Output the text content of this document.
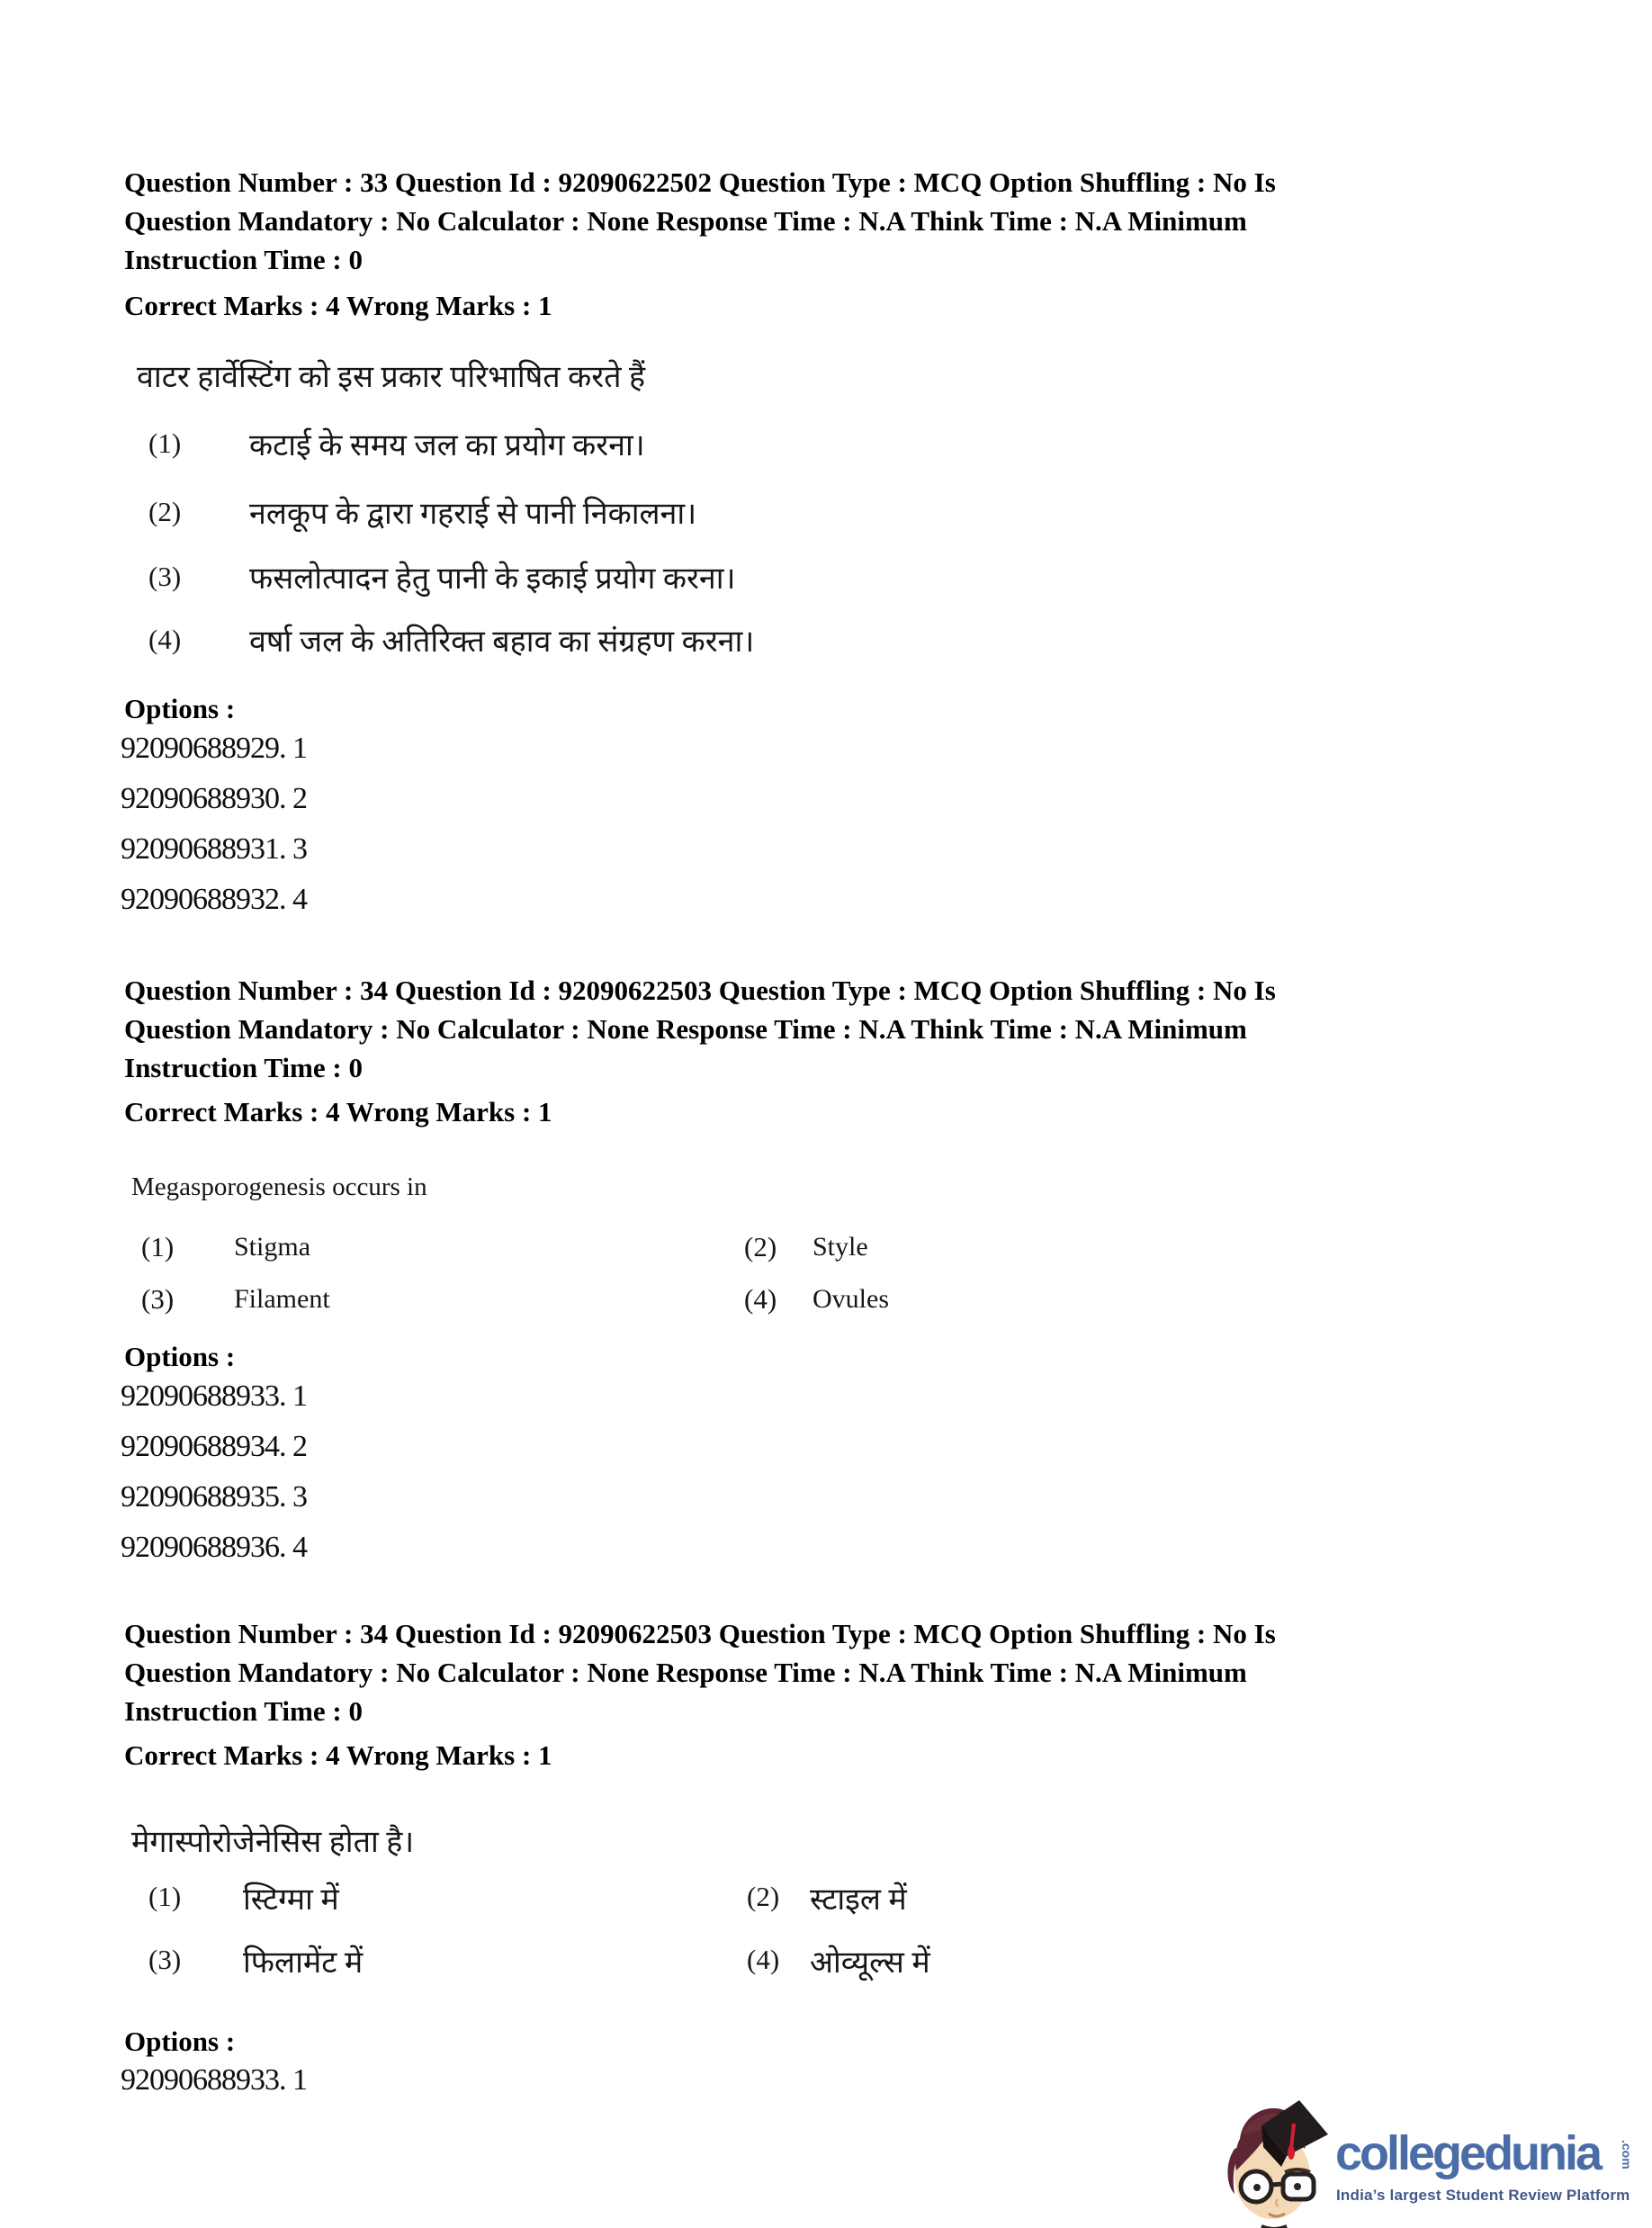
Question Number : 33 Question Id : 92090622502 Question Type : MCQ Option Shuffling : No Is
Question Mandatory : No Calculator : None Response Time : N.A Think Time : N.A Minimum
Instruction Time : 0
Correct Marks : 4 Wrong Marks : 1
वाटर हार्वेस्टिंग को इस प्रकार परिभाषित करते हैं
(1) कटाई के समय जल का प्रयोग करना।
(2) नलकूप के द्वारा गहराई से पानी निकालना।
(3) फसलोत्पादन हेतु पानी के इकाई प्रयोग करना।
(4) वर्षा जल के अतिरिक्त बहाव का संग्रहण करना।
Options :
92090688929. 1
92090688930. 2
92090688931. 3
92090688932. 4
Question Number : 34 Question Id : 92090622503 Question Type : MCQ Option Shuffling : No Is
Question Mandatory : No Calculator : None Response Time : N.A Think Time : N.A Minimum
Instruction Time : 0
Correct Marks : 4 Wrong Marks : 1
Megasporogenesis occurs in
(1) Stigma	(2) Style
(3) Filament	(4) Ovules
Options :
92090688933. 1
92090688934. 2
92090688935. 3
92090688936. 4
Question Number : 34 Question Id : 92090622503 Question Type : MCQ Option Shuffling : No Is
Question Mandatory : No Calculator : None Response Time : N.A Think Time : N.A Minimum
Instruction Time : 0
Correct Marks : 4 Wrong Marks : 1
मेगास्पोरोजेनेसिस होता है।
(1) स्टिग्मा में	(2) स्टाइल में
(3) फिलामेंट में	(4) ओव्यूल्स में
Options :
92090688933. 1
collegedunia .com
India’s largest Student Review Platform
